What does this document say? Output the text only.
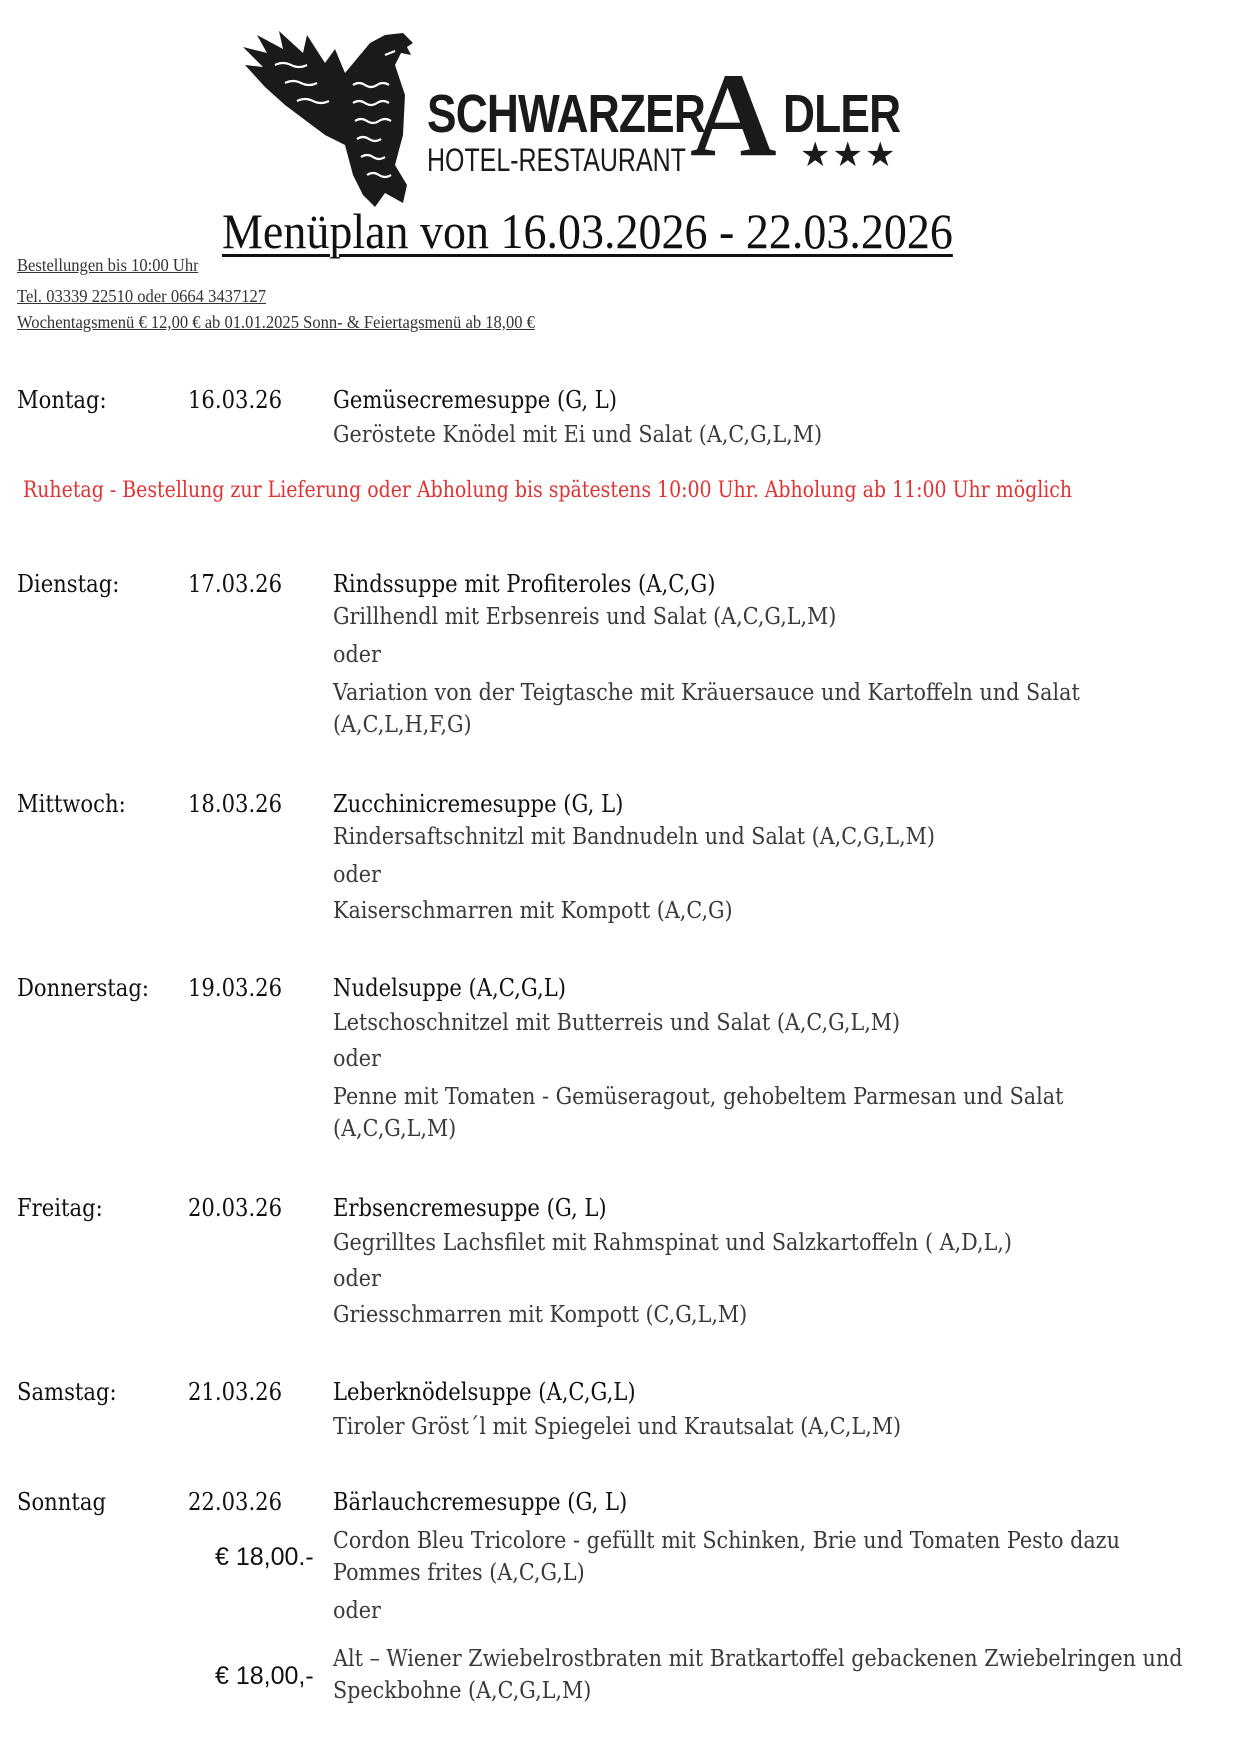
SCHWARZER
A DLER
HOTEL-RESTAURANT	★★★
Menüplan von 16.03.2026 - 22.03.2026
Bestellungen bis 10:00 Uhr
Tel. 03339 22510 oder 0664 3437127
Wochentagsmenü € 12,00 € ab 01.01.2025 Sonn- & Feiertagsmenü ab 18,00 €
Montag:	16.03.26 Gemüsecremesuppe (G, L)
Geröstete Knödel mit Ei und Salat (A,C,G,L,M)
Ruhetag - Bestellung zur Lieferung oder Abholung bis spätestens 10:00 Uhr. Abholung ab 11:00 Uhr möglich
Dienstag:	17.03.26 Rindssuppe mit Profiteroles (A,C,G)
Grillhendl mit Erbsenreis und Salat (A,C,G,L,M)
oder
Variation von der Teigtasche mit Kräuersauce und Kartoffeln und Salat
(A,C,L,H,F,G)
Mittwoch:	18.03.26 Zucchinicremesuppe (G, L)
Rindersaftschnitzl mit Bandnudeln und Salat (A,C,G,L,M)
oder
Kaiserschmarren mit Kompott (A,C,G)
Donnerstag: 19.03.26 Nudelsuppe (A,C,G,L)
Letschoschnitzel mit Butterreis und Salat (A,C,G,L,M)
oder
Penne mit Tomaten - Gemüseragout, gehobeltem Parmesan und Salat
(A,C,G,L,M)
Freitag:	20.03.26 Erbsencremesuppe (G, L)
Gegrilltes Lachsfilet mit Rahmspinat und Salzkartoffeln ( A,D,L,)
oder
Griesschmarren mit Kompott (C,G,L,M)
Samstag:	21.03.26 Leberknödelsuppe (A,C,G,L)
Tiroler Gröst´l mit Spiegelei und Krautsalat (A,C,L,M)
Sonntag	22.03.26 Bärlauchcremesuppe (G, L)
€ 18,00.-
Cordon Bleu Tricolore - gefüllt mit Schinken, Brie und Tomaten Pesto dazu
Pommes frites (A,C,G,L)
oder
€ 18,00,-
Alt – Wiener Zwiebelrostbraten mit Bratkartoffel gebackenen Zwiebelringen und
Speckbohne (A,C,G,L,M)
